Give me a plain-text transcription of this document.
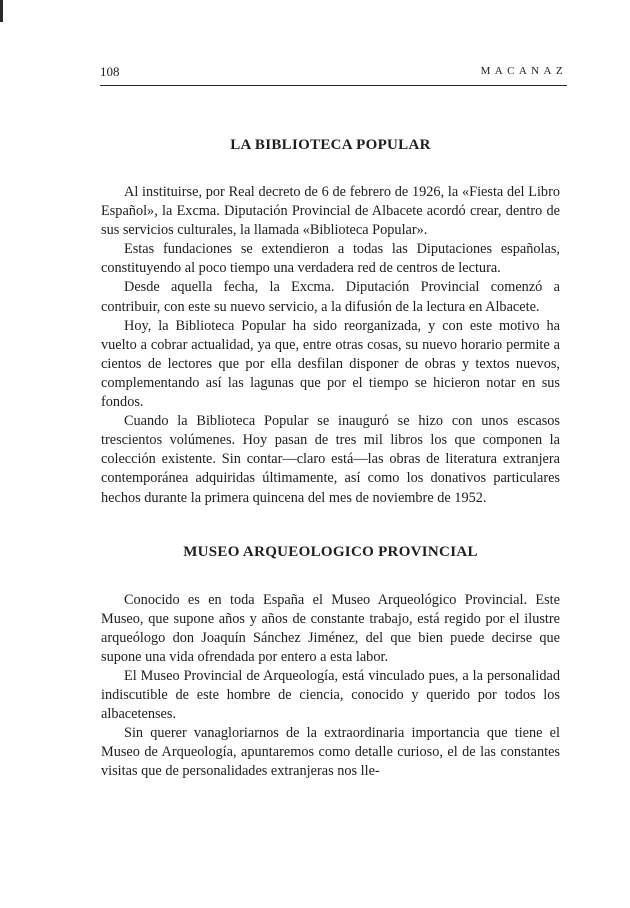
108	MACANAZ
LA BIBLIOTECA POPULAR

Al instituirse, por Real decreto de 6 de febrero de 1926, la «Fiesta del Libro Español», la Excma. Diputación Provincial de Albacete acordó crear, dentro de sus servicios culturales, la llamada «Biblioteca Popular».

Estas fundaciones se extendieron a todas las Diputaciones españolas, constituyendo al poco tiempo una verdadera red de centros de lectura.

Desde aquella fecha, la Excma. Diputación Provincial comenzó a contribuir, con este su nuevo servicio, a la difusión de la lectura en Albacete.

Hoy, la Biblioteca Popular ha sido reorganizada, y con este motivo ha vuelto a cobrar actualidad, ya que, entre otras cosas, su nuevo horario permite a cientos de lectores que por ella desfilan disponer de obras y textos nuevos, complementando así las lagunas que por el tiempo se hicieron notar en sus fondos.

Cuando la Biblioteca Popular se inauguró se hizo con unos escasos trescientos volúmenes. Hoy pasan de tres mil libros los que componen la colección existente. Sin contar—claro está—las obras de literatura extranjera contemporánea adquiridas últimamente, así como los donativos particulares hechos durante la primera quincena del mes de noviembre de 1952.

MUSEO ARQUEOLOGICO PROVINCIAL

Conocido es en toda España el Museo Arqueológico Provincial. Este Museo, que supone años y años de constante trabajo, está regido por el ilustre arqueólogo don Joaquín Sánchez Jiménez, del que bien puede decirse que supone una vida ofrendada por entero a esta labor.

El Museo Provincial de Arqueología, está vinculado pues, a la personalidad indiscutible de este hombre de ciencia, conocido y querido por todos los albacetenses.

Sin querer vanagloriarnos de la extraordinaria importancia que tiene el Museo de Arqueología, apuntaremos como detalle curioso, el de las constantes visitas que de personalidades extranjeras nos lle-
